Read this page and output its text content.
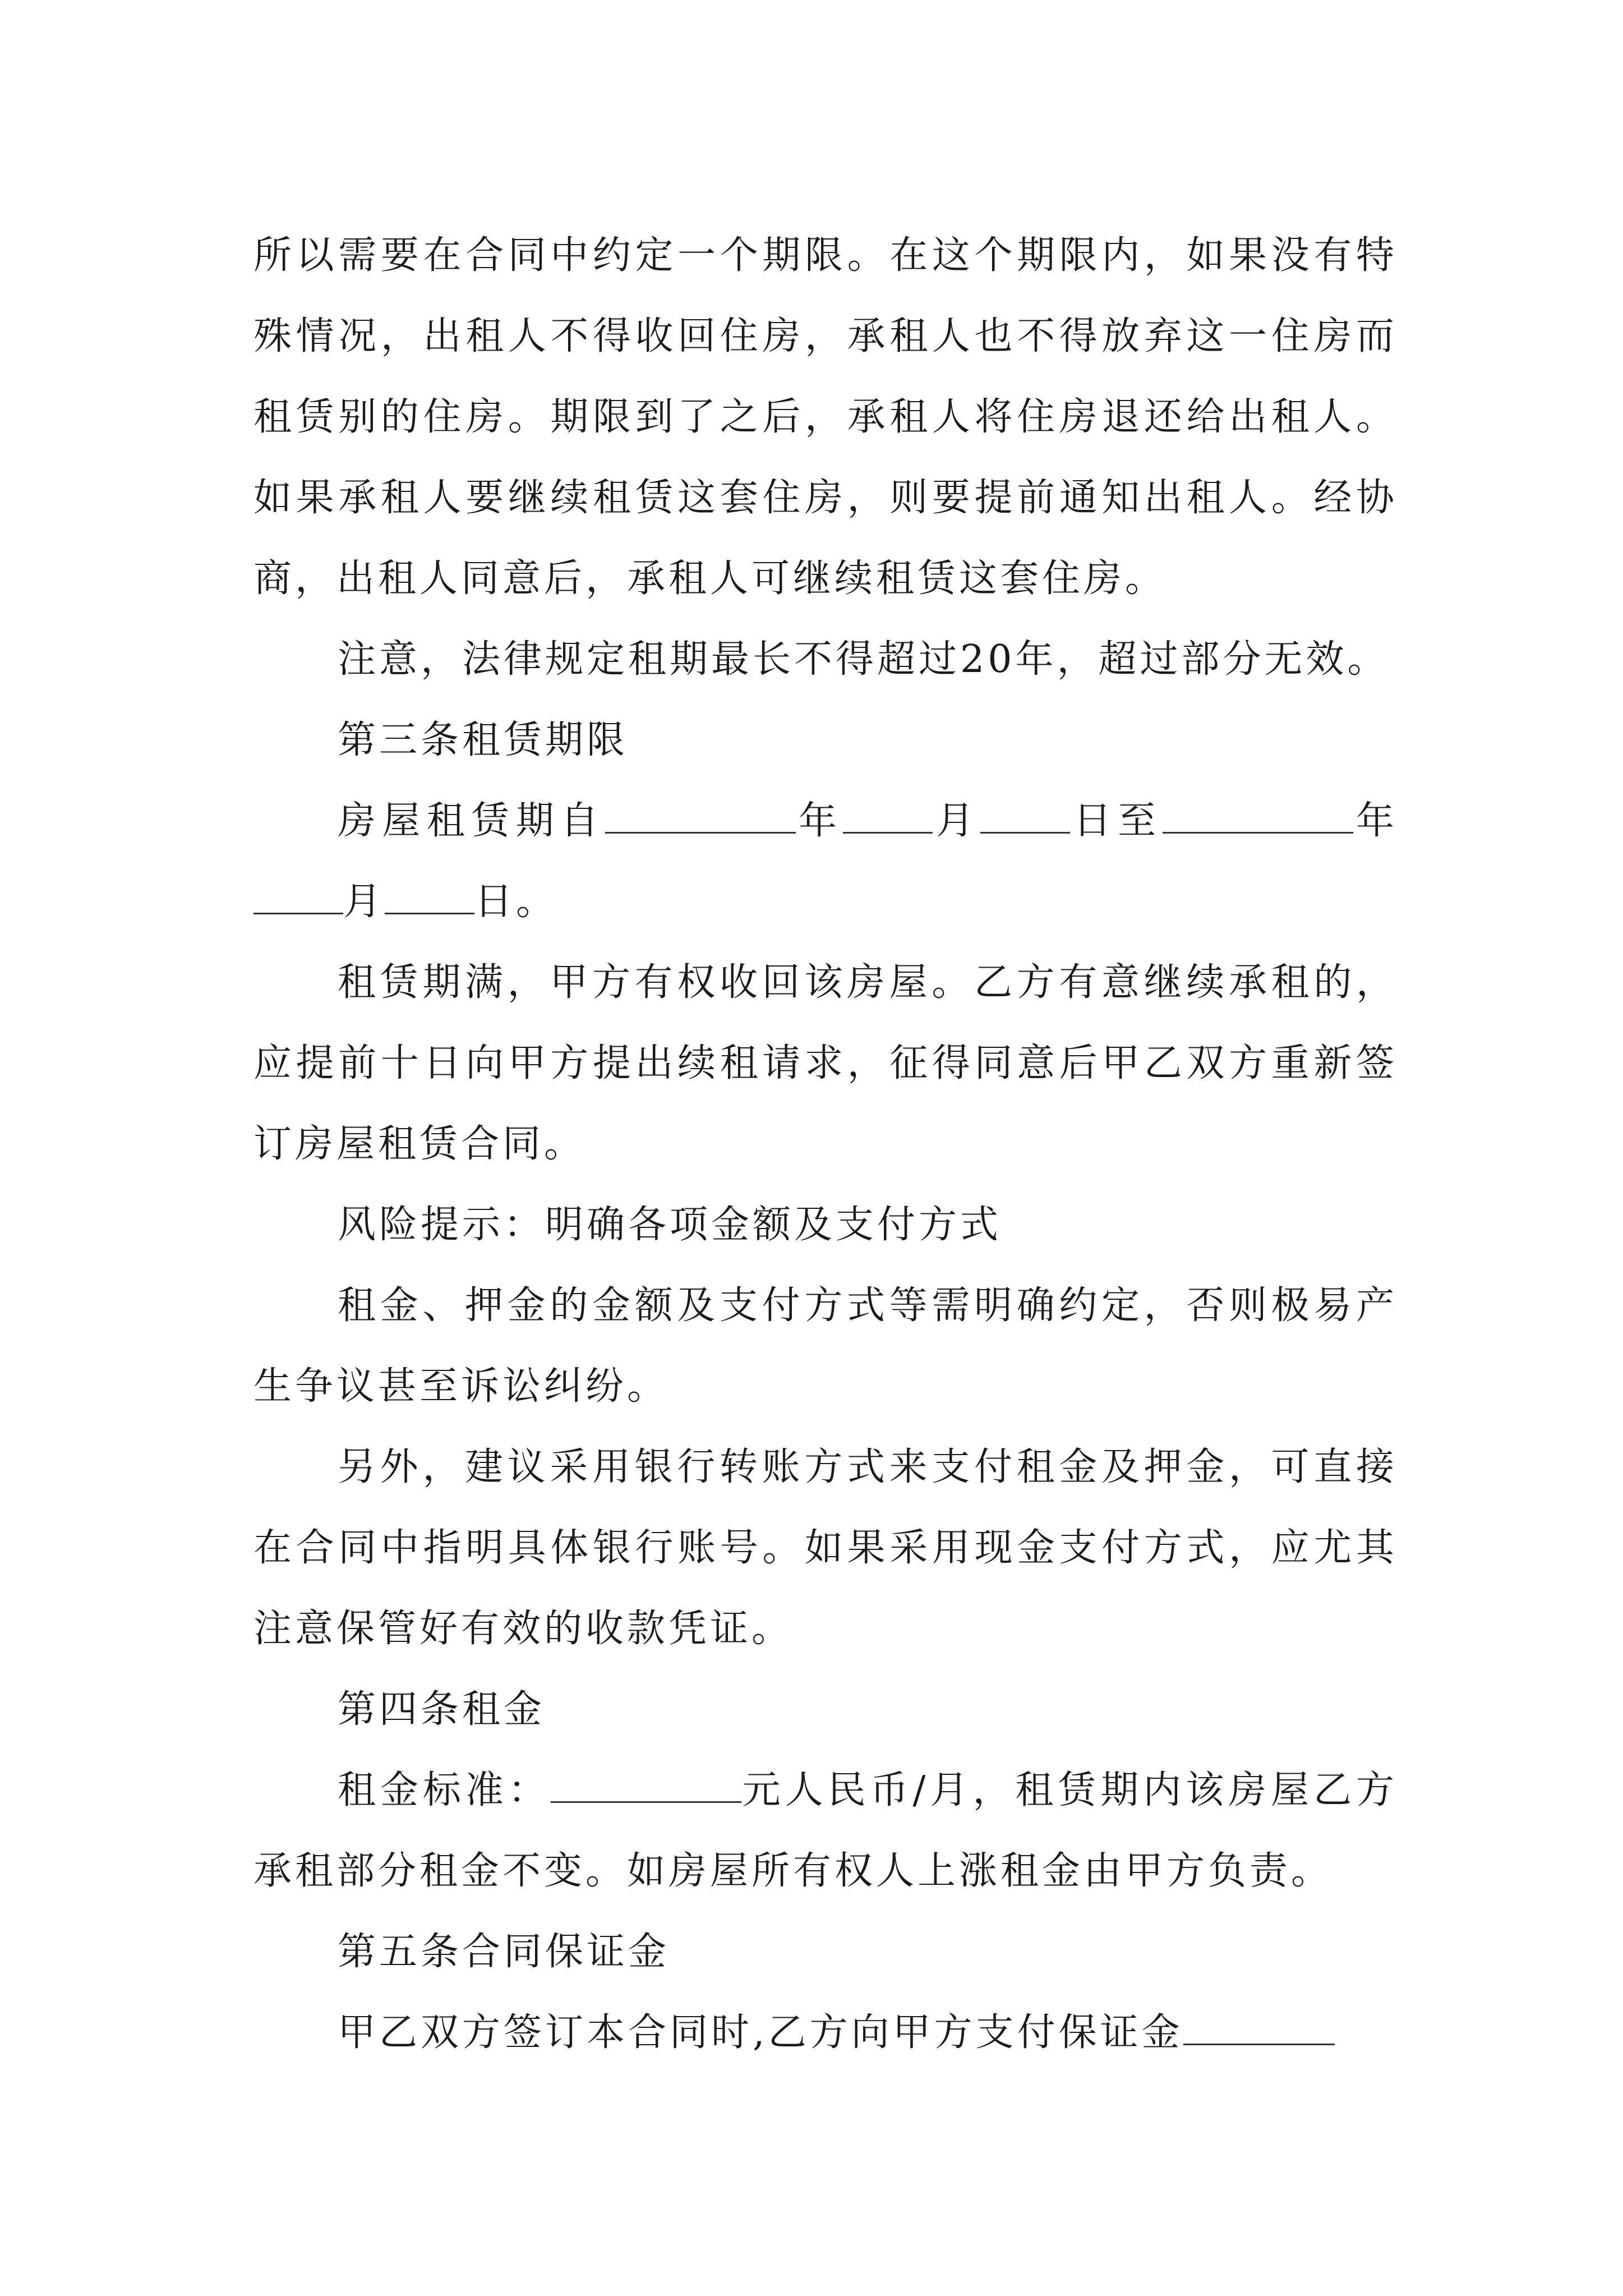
所以需要在合同中约定一个期限。在这个期限内，如果没有特殊情况，出租人不得收回住房，承租人也不得放弃这一住房而租赁别的住房。期限到了之后，承租人将住房退还给出租人。如果承租人要继续租赁这套住房，则要提前通知出租人。经协商，出租人同意后，承租人可继续租赁这套住房。

注意，法律规定租期最长不得超过20年，超过部分无效。

第三条租赁期限

房屋租赁期自	年 月 日至	年月 日。

租赁期满，甲方有权收回该房屋。乙方有意继续承租的，应提前十日向甲方提出续租请求，征得同意后甲乙双方重新签订房屋租赁合同。

风险提示：明确各项金额及支付方式

租金、押金的金额及支付方式等需明确约定，否则极易产生争议甚至诉讼纠纷。

另外，建议采用银行转账方式来支付租金及押金，可直接在合同中指明具体银行账号。如果采用现金支付方式，应尤其注意保管好有效的收款凭证。

第四条租金

租金标准：	元人民币/月，租赁期内该房屋乙方承租部分租金不变。如房屋所有权人上涨租金由甲方负责。

第五条合同保证金

甲乙双方签订本合同时,乙方向甲方支付保证金
